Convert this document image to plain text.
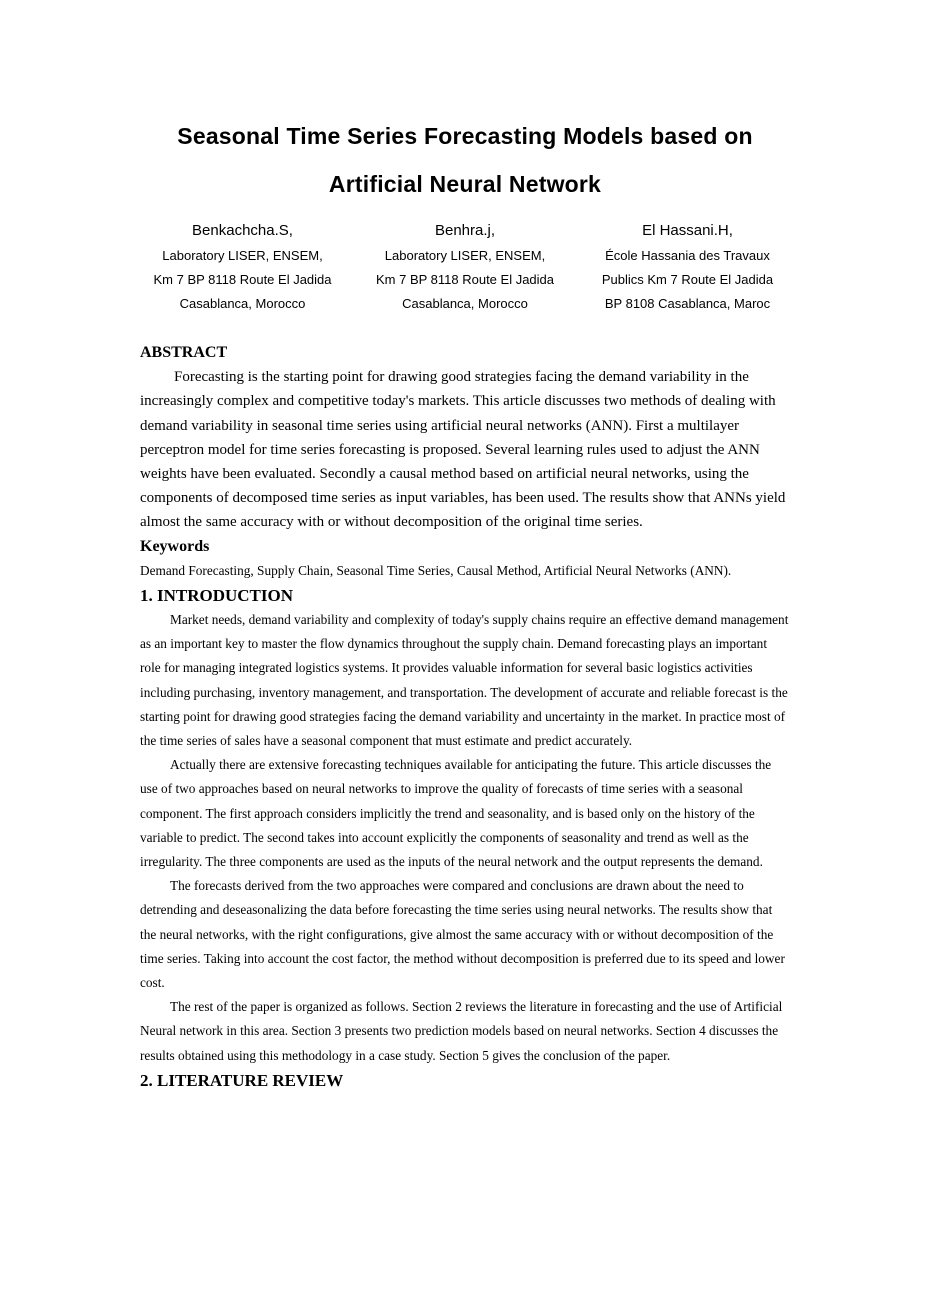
Seasonal Time Series Forecasting Models based on
Artificial Neural Network
Benkachcha.S,
Laboratory LISER, ENSEM,
Km 7 BP 8118 Route El Jadida
Casablanca, Morocco
Benhra.j,
Laboratory LISER, ENSEM,
Km 7 BP 8118 Route El Jadida
Casablanca, Morocco
El Hassani.H,
École Hassania des Travaux
Publics Km 7 Route El Jadida
BP 8108 Casablanca, Maroc
ABSTRACT

Forecasting is the starting point for drawing good strategies facing the demand variability in the increasingly complex and competitive today's markets. This article discusses two methods of dealing with demand variability in seasonal time series using artificial neural networks (ANN). First a multilayer perceptron model for time series forecasting is proposed. Several learning rules used to adjust the ANN weights have been evaluated. Secondly a causal method based on artificial neural networks, using the components of decomposed time series as input variables, has been used. The results show that ANNs yield almost the same accuracy with or without decomposition of the original time series.

Keywords

Demand Forecasting, Supply Chain, Seasonal Time Series, Causal Method, Artificial Neural Networks (ANN).

1. INTRODUCTION

Market needs, demand variability and complexity of today's supply chains require an effective demand management as an important key to master the flow dynamics throughout the supply chain. Demand forecasting plays an important role for managing integrated logistics systems. It provides valuable information for several basic logistics activities including purchasing, inventory management, and transportation. The development of accurate and reliable forecast is the starting point for drawing good strategies facing the demand variability and uncertainty in the market. In practice most of the time series of sales have a seasonal component that must estimate and predict accurately.

Actually there are extensive forecasting techniques available for anticipating the future. This article discusses the use of two approaches based on neural networks to improve the quality of forecasts of time series with a seasonal component. The first approach considers implicitly the trend and seasonality, and is based only on the history of the variable to predict. The second takes into account explicitly the components of seasonality and trend as well as the irregularity. The three components are used as the inputs of the neural network and the output represents the demand.

The forecasts derived from the two approaches were compared and conclusions are drawn about the need to detrending and deseasonalizing the data before forecasting the time series using neural networks. The results show that the neural networks, with the right configurations, give almost the same accuracy with or without decomposition of the time series. Taking into account the cost factor, the method without decomposition is preferred due to its speed and lower cost.

The rest of the paper is organized as follows. Section 2 reviews the literature in forecasting and the use of Artificial Neural network in this area. Section 3 presents two prediction models based on neural networks. Section 4 discusses the results obtained using this methodology in a case study. Section 5 gives the conclusion of the paper.

2. LITERATURE REVIEW
